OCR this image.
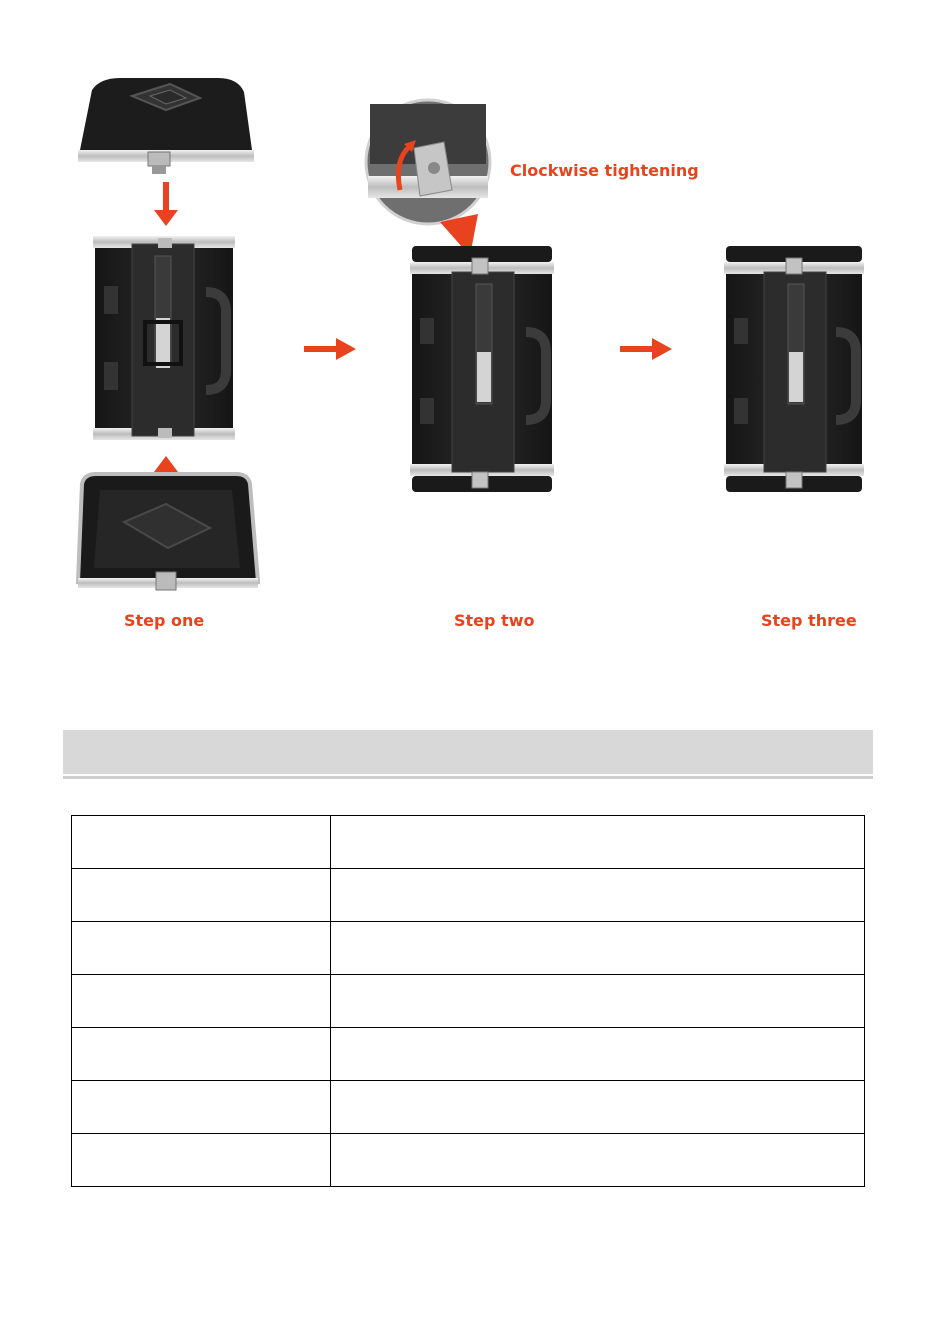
Clockwise tightening
Step one	Step two	Step three
